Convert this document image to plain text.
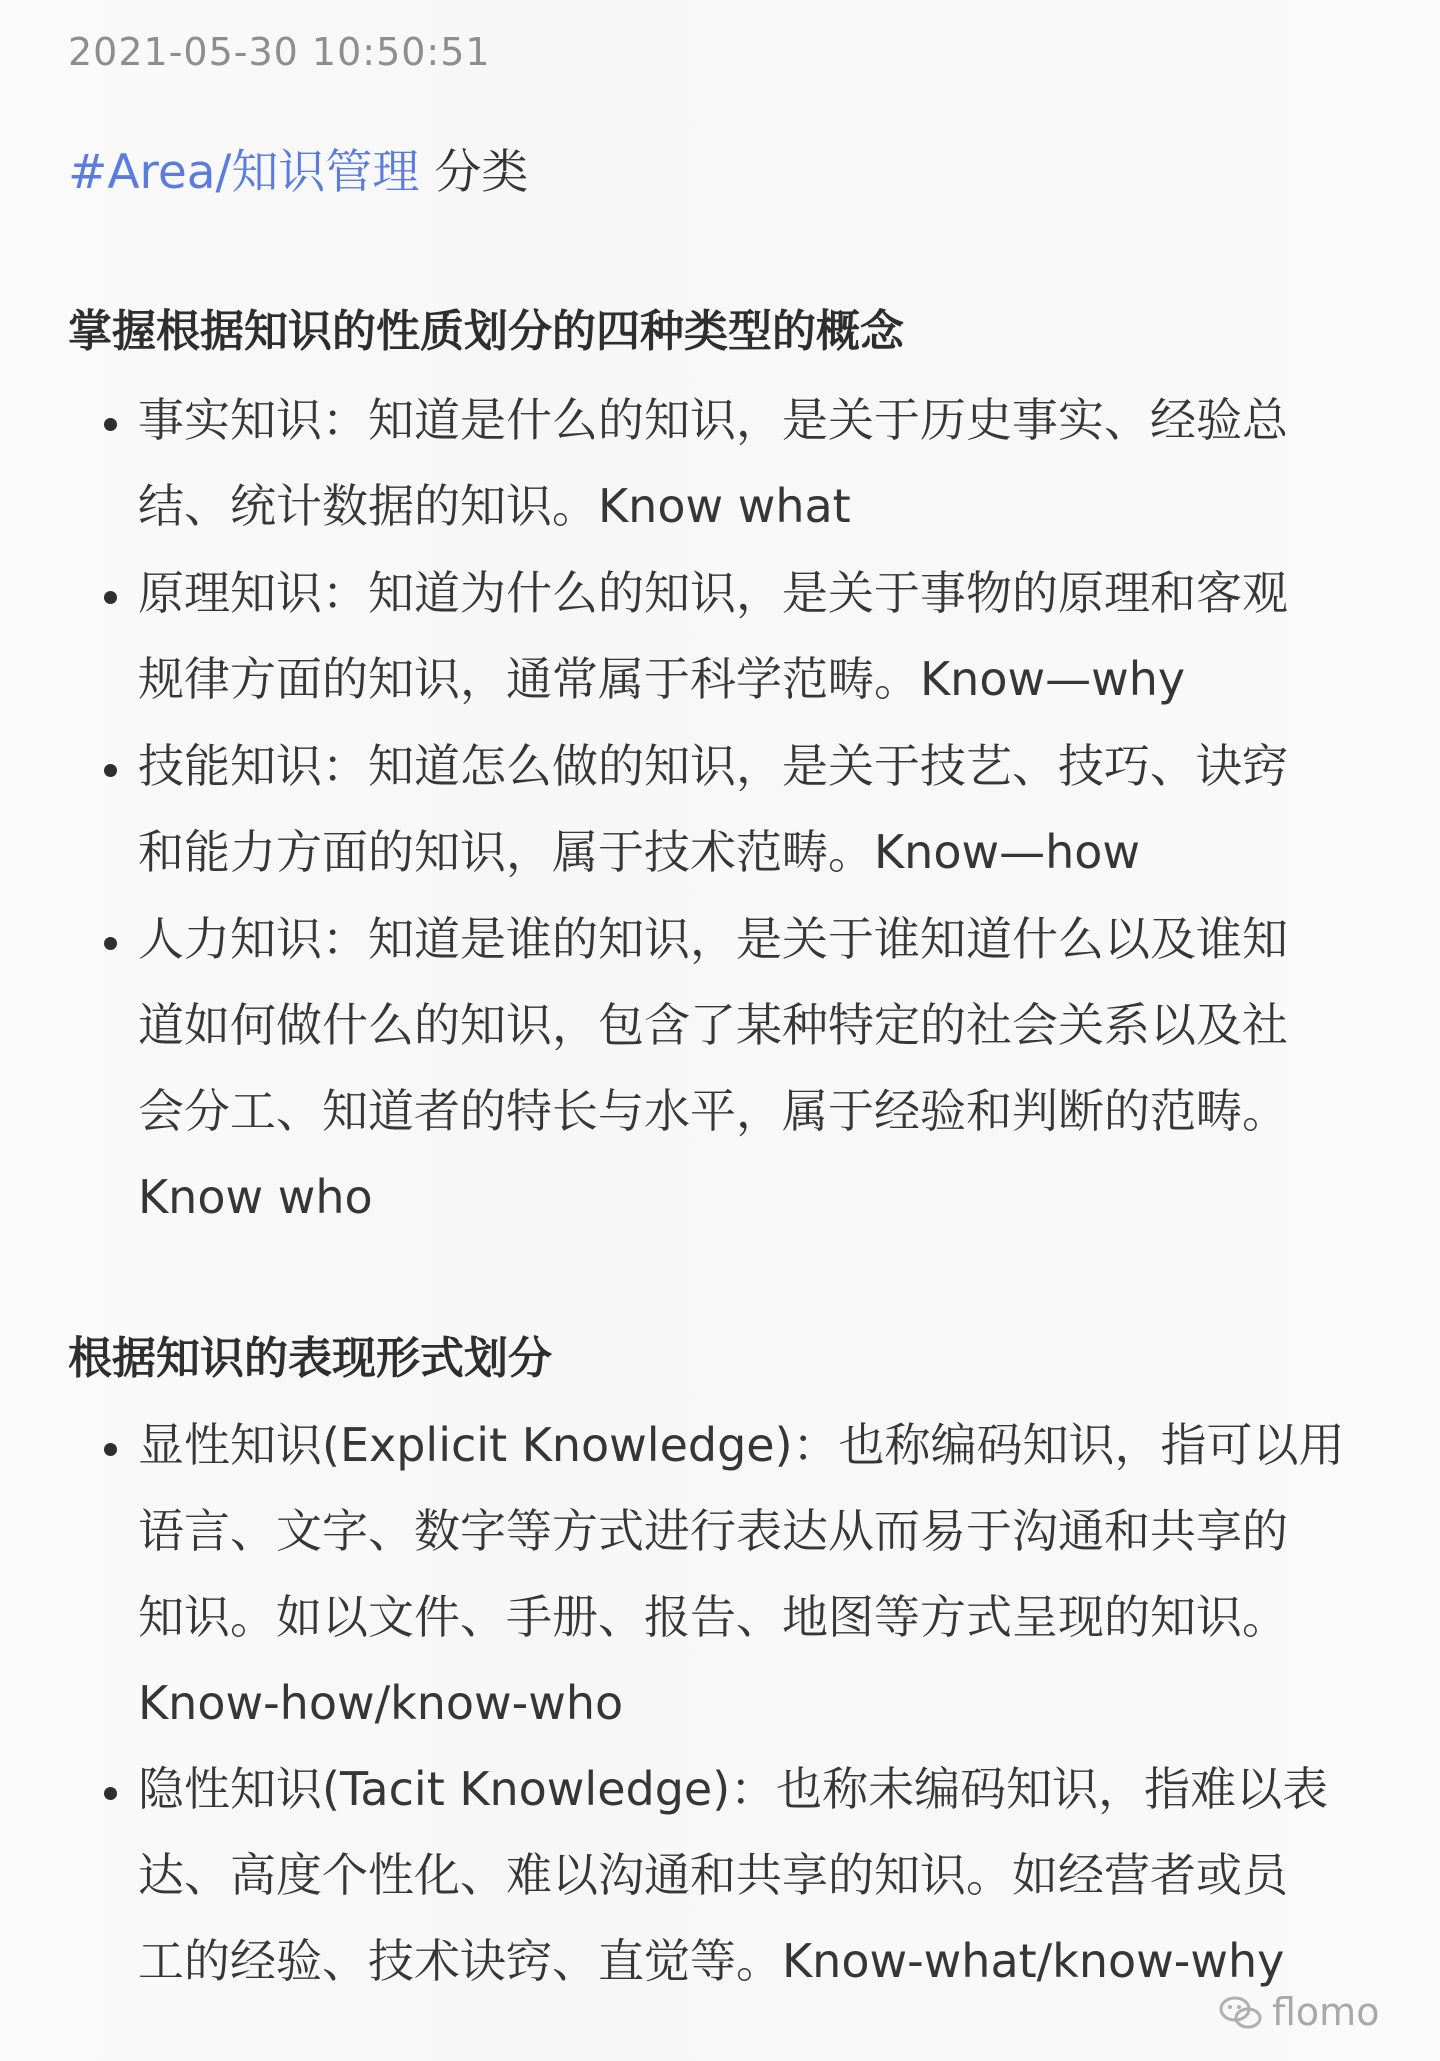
2021-05-30 10:50:51
#Area/知识管理 分类
掌握根据知识的性质划分的四种类型的概念
事实知识：知道是什么的知识，是关于历史事实、经验总
结、统计数据的知识。Know what
原理知识：知道为什么的知识，是关于事物的原理和客观
规律方面的知识，通常属于科学范畴。Know—why
技能知识：知道怎么做的知识，是关于技艺、技巧、诀窍
和能力方面的知识，属于技术范畴。Know—how
人力知识：知道是谁的知识，是关于谁知道什么以及谁知
道如何做什么的知识，包含了某种特定的社会关系以及社
会分工、知道者的特长与水平，属于经验和判断的范畴。
Know who
根据知识的表现形式划分
显性知识(Explicit Knowledge)：也称编码知识，指可以用
语言、文字、数字等方式进行表达从而易于沟通和共享的
知识。如以文件、手册、报告、地图等方式呈现的知识。
Know-how/know-who
隐性知识(Tacit Knowledge)：也称未编码知识，指难以表
达、高度个性化、难以沟通和共享的知识。如经营者或员
工的经验、技术诀窍、直觉等。Know-what/know-why
flomo
